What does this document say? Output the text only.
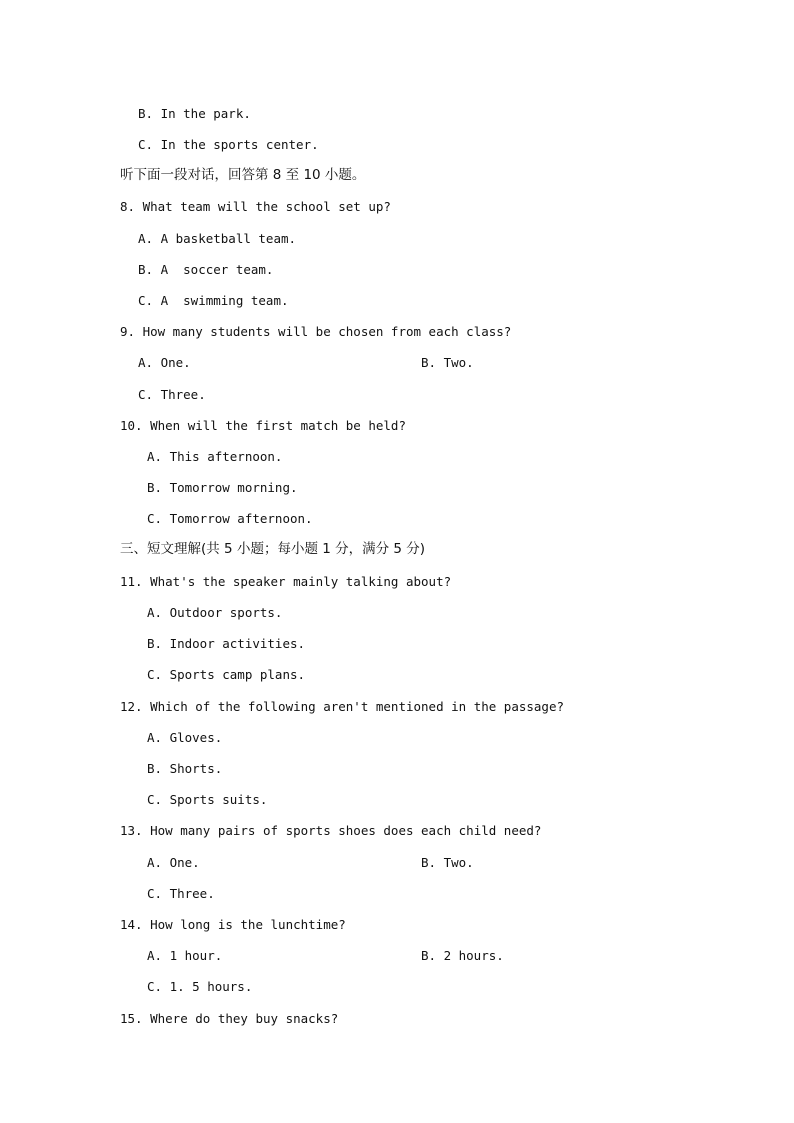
B. In the park.
C. In the sports center.
听下面一段对话，回答第 8 至 10 小题。
8. What team will the school set up?
A. A basketball team.
B. A  soccer team.
C. A  swimming team.
9. How many students will be chosen from each class?
A. One.	B. Two.
C. Three.
10. When will the first match be held?
A. This afternoon.
B. Tomorrow morning.
C. Tomorrow afternoon.
三、短文理解(共 5 小题；每小题 1 分，满分 5 分)
11. What's the speaker mainly talking about?
A. Outdoor sports.
B. Indoor activities.
C. Sports camp plans.
12. Which of the following aren't mentioned in the passage?
A. Gloves.
B. Shorts.
C. Sports suits.
13. How many pairs of sports shoes does each child need?
A. One.	B. Two.
C. Three.
14. How long is the lunchtime?
A. 1 hour.	B. 2 hours.
C. 1. 5 hours.
15. Where do they buy snacks?
